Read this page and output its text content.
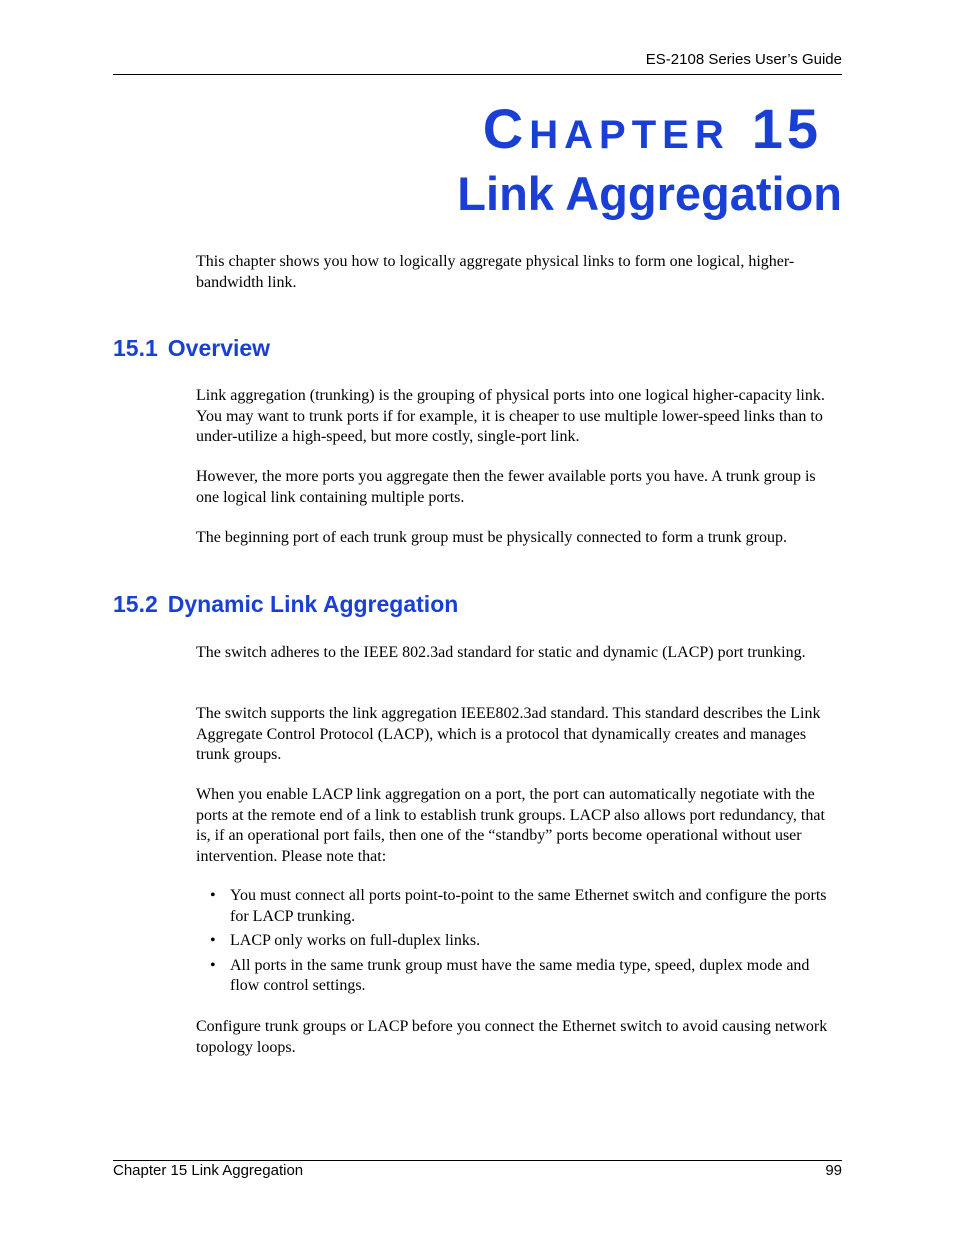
ES-2108 Series User’s Guide
CHAPTER 15
Link Aggregation

This chapter shows you how to logically aggregate physical links to form one logical, higher-bandwidth link.

15.1 Overview

Link aggregation (trunking) is the grouping of physical ports into one logical higher-capacity link. You may want to trunk ports if for example, it is cheaper to use multiple lower-speed links than to under-utilize a high-speed, but more costly, single-port link.

However, the more ports you aggregate then the fewer available ports you have. A trunk group is one logical link containing multiple ports.

The beginning port of each trunk group must be physically connected to form a trunk group.

15.2 Dynamic Link Aggregation

The switch adheres to the IEEE 802.3ad standard for static and dynamic (LACP) port trunking.

The switch supports the link aggregation IEEE802.3ad standard. This standard describes the Link Aggregate Control Protocol (LACP), which is a protocol that dynamically creates and manages trunk groups.

When you enable LACP link aggregation on a port, the port can automatically negotiate with the ports at the remote end of a link to establish trunk groups. LACP also allows port redundancy, that is, if an operational port fails, then one of the “standby” ports become operational without user intervention. Please note that:

• You must connect all ports point-to-point to the same Ethernet switch and configure the ports for LACP trunking.
• LACP only works on full-duplex links.
• All ports in the same trunk group must have the same media type, speed, duplex mode and flow control settings.

Configure trunk groups or LACP before you connect the Ethernet switch to avoid causing network topology loops.

Chapter 15 Link Aggregation	99
